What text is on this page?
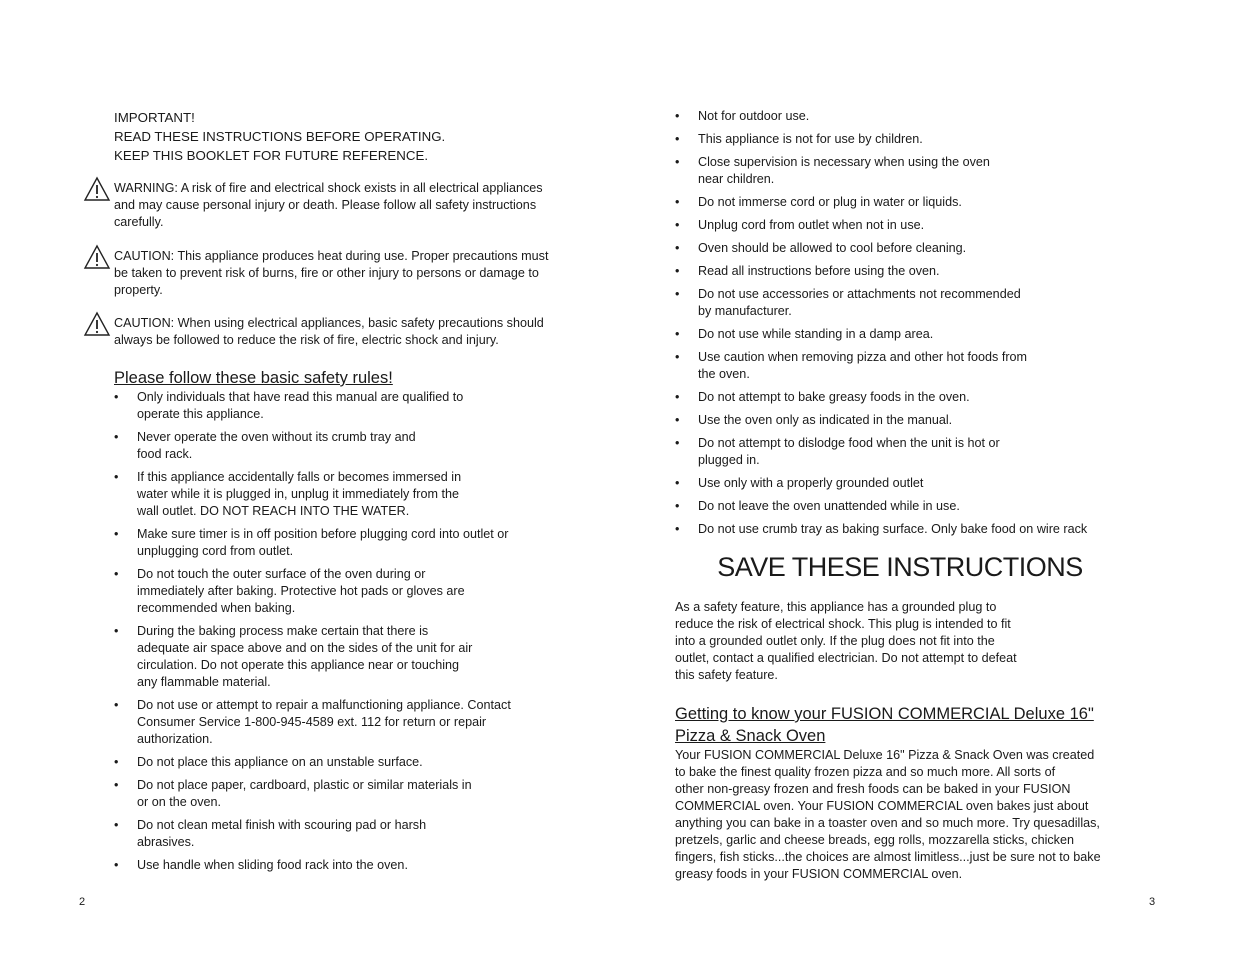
IMPORTANT!

READ THESE INSTRUCTIONS BEFORE OPERATING.

KEEP THIS BOOKLET FOR FUTURE REFERENCE.

WARNING: A risk of fire and electrical shock exists in all electrical appliances and may cause personal injury or death. Please follow all safety instructions carefully.

CAUTION: This appliance produces heat during use. Proper precautions must be taken to prevent risk of burns, fire or other injury to persons or damage to property.

CAUTION: When using electrical appliances, basic safety precautions should always be followed to reduce the risk of fire, electric shock and injury.

Please follow these basic safety rules!
• Only individuals that have read this manual are qualified to
operate this appliance.
• Never operate the oven without its crumb tray and
food rack.
• If this appliance accidentally falls or becomes immersed in
water while it is plugged in, unplug it immediately from the
wall outlet. DO NOT REACH INTO THE WATER.
• Make sure timer is in off position before plugging cord into outlet or
unplugging cord from outlet.
• Do not touch the outer surface of the oven during or
immediately after baking. Protective hot pads or gloves are
recommended when baking.
• During the baking process make certain that there is
adequate air space above and on the sides of the unit for air
circulation. Do not operate this appliance near or touching
any flammable material.
• Do not use or attempt to repair a malfunctioning appliance. Contact
Consumer Service 1-800-945-4589 ext. 112 for return or repair
authorization.
• Do not place this appliance on an unstable surface.
• Do not place paper, cardboard, plastic or similar materials in
or on the oven.
• Do not clean metal finish with scouring pad or harsh
abrasives.
• Use handle when sliding food rack into the oven.
• Not for outdoor use.
• This appliance is not for use by children.
• Close supervision is necessary when using the oven
near children.
• Do not immerse cord or plug in water or liquids.
• Unplug cord from outlet when not in use.
• Oven should be allowed to cool before cleaning.
• Read all instructions before using the oven.
• Do not use accessories or attachments not recommended
by manufacturer.
• Do not use while standing in a damp area.
• Use caution when removing pizza and other hot foods from
the oven.
• Do not attempt to bake greasy foods in the oven.
• Use the oven only as indicated in the manual.
• Do not attempt to dislodge food when the unit is hot or
plugged in.
• Use only with a properly grounded outlet
• Do not leave the oven unattended while in use.
• Do not use crumb tray as baking surface. Only bake food on wire rack
SAVE THESE INSTRUCTIONS

As a safety feature, this appliance has a grounded plug to
reduce the risk of electrical shock. This plug is intended to fit
into a grounded outlet only. If the plug does not fit into the
outlet, contact a qualified electrician. Do not attempt to defeat
this safety feature.

Getting to know your FUSION COMMERCIAL Deluxe 16"
Pizza & Snack Oven

Your FUSION COMMERCIAL Deluxe 16" Pizza & Snack Oven was created
to bake the finest quality frozen pizza and so much more. All sorts of
other non-greasy frozen and fresh foods can be baked in your FUSION
COMMERCIAL oven. Your FUSION COMMERCIAL oven bakes just about
anything you can bake in a toaster oven and so much more. Try quesadillas,
pretzels, garlic and cheese breads, egg rolls, mozzarella sticks, chicken
fingers, fish sticks...the choices are almost limitless...just be sure not to bake
greasy foods in your FUSION COMMERCIAL oven.

2	3
